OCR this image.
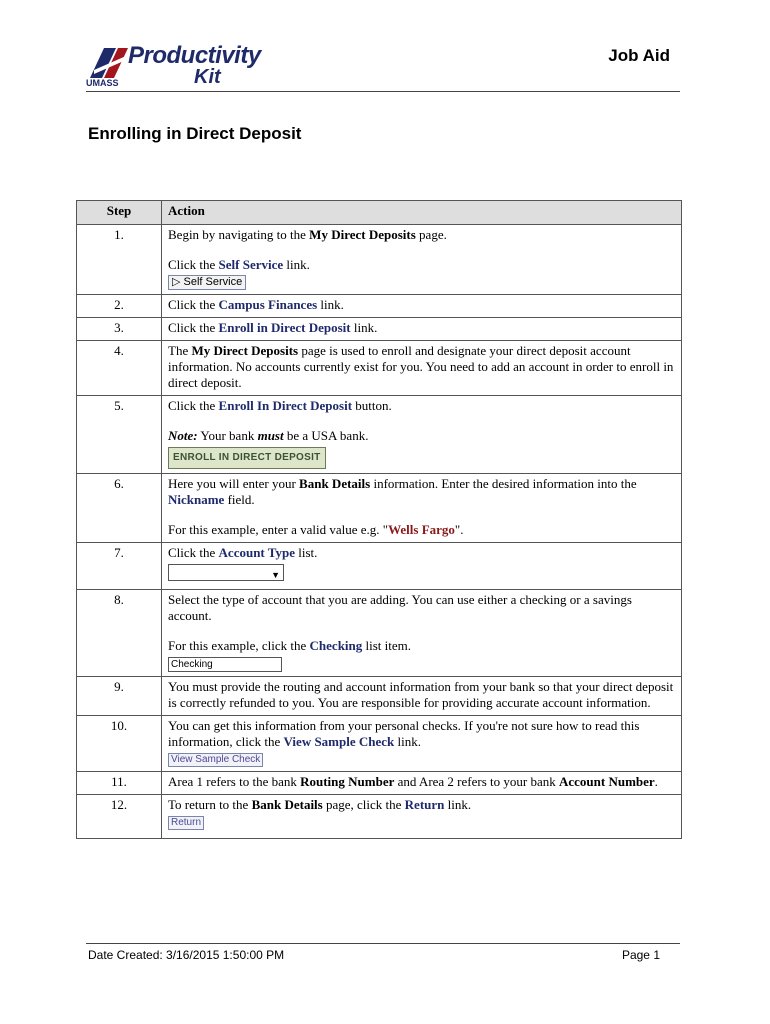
Productivity
Kit
UMASS
Job Aid
Enrolling in Direct Deposit
Step	Action
1.	Begin by navigating to the My Direct Deposits page.
Click the Self Service link.
▷ Self Service

2.	Click the Campus Finances link.
3.	Click the Enroll in Direct Deposit link.
4.	The My Direct Deposits page is used to enroll and designate your direct deposit account information. No accounts currently exist for you. You need to add an account in order to enroll in direct deposit.
5.	Click the Enroll In Direct Deposit button.
Note: Your bank must be a USA bank.
ENROLL IN DIRECT DEPOSIT

6.	Here you will enter your Bank Details information. Enter the desired information into the Nickname field.
For this example, enter a valid value e.g. "Wells Fargo".

7.	Click the Account Type list.
▼

8.	Select the type of account that you are adding. You can use either a checking or a savings account.
For this example, click the Checking list item.
Checking

9.	You must provide the routing and account information from your bank so that your direct deposit is correctly refunded to you. You are responsible for providing accurate account information.
10.	You can get this information from your personal checks. If you're not sure how to read this information, click the View Sample Check link.
View Sample Check

11.	Area 1 refers to the bank Routing Number and Area 2 refers to your bank Account Number.
12.	To return to the Bank Details page, click the Return link.
Return
Date Created: 3/16/2015 1:50:00 PM	Page 1
